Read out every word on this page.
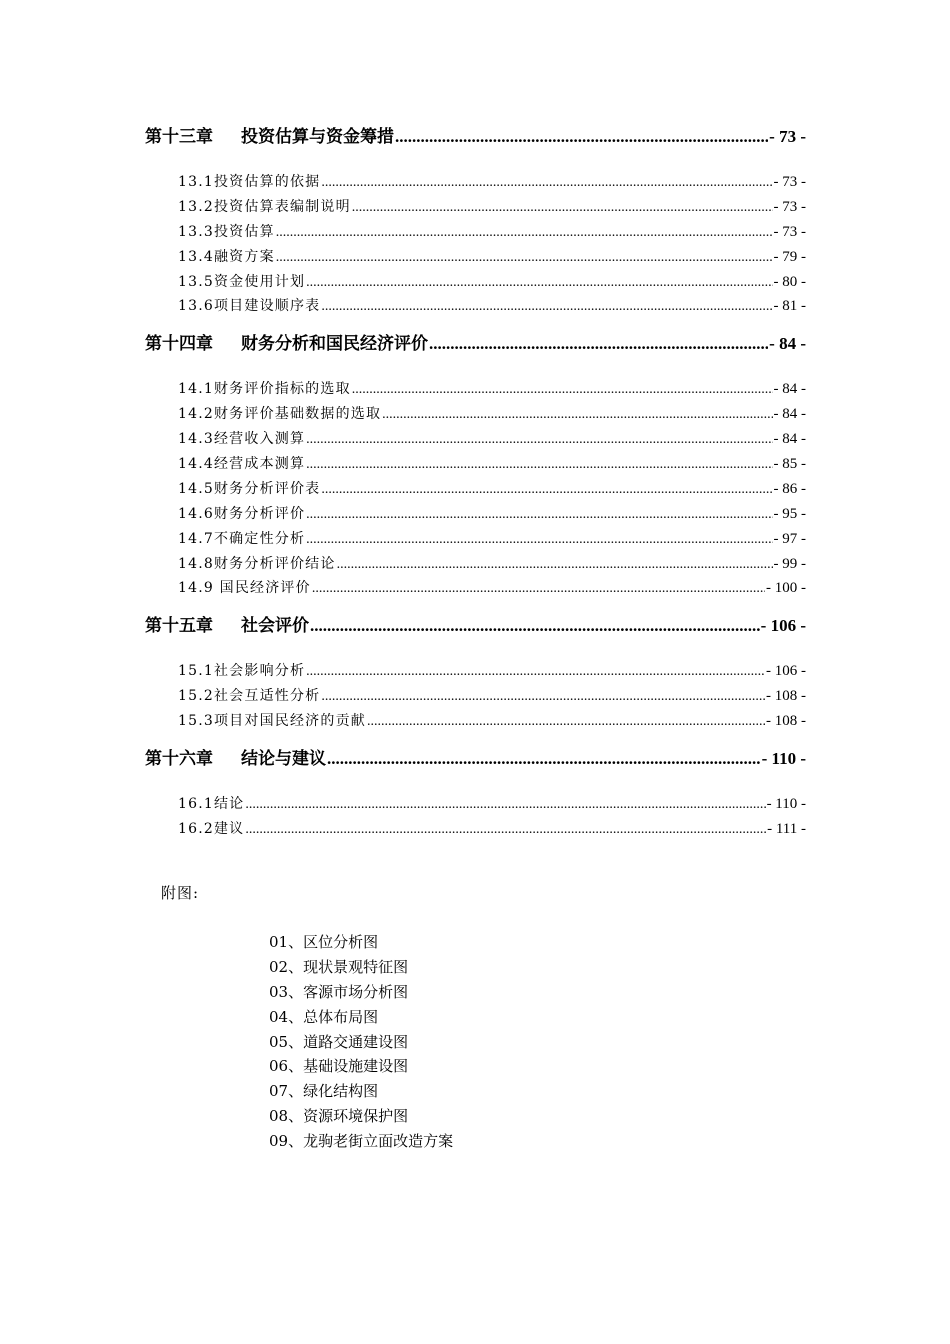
第十三章 投资估算与资金筹措 .....	- 73 -
13.1投资估算的依据 .....	- 73 -
13.2投资估算表编制说明 .....	- 73 -
13.3投资估算 .....	- 73 -
13.4融资方案 .....	- 79 -
13.5资金使用计划 .....	- 80 -
13.6项目建设顺序表 .....	- 81 -
第十四章 财务分析和国民经济评价 .....	- 84 -
14.1财务评价指标的选取 .....	- 84 -
14.2财务评价基础数据的选取 .....	- 84 -
14.3经营收入测算 .....	- 84 -
14.4经营成本测算 .....	- 85 -
14.5财务分析评价表 .....	- 86 -
14.6财务分析评价 .....	- 95 -
14.7不确定性分析 .....	- 97 -
14.8财务分析评价结论 .....	- 99 -
14.9 国民经济评价 .....	- 100 -
第十五章 社会评价 .....	- 106 -
15.1社会影响分析 .....	- 106 -
15.2社会互适性分析 .....	- 108 -
15.3项目对国民经济的贡献 .....	- 108 -
第十六章 结论与建议 .....	- 110 -
16.1结论 .....	- 110 -
16.2建议 .....	- 111 -
附图:
01、区位分析图
02、现状景观特征图
03、客源市场分析图
04、总体布局图
05、道路交通建设图
06、基础设施建设图
07、绿化结构图
08、资源环境保护图
09、龙驹老街立面改造方案
